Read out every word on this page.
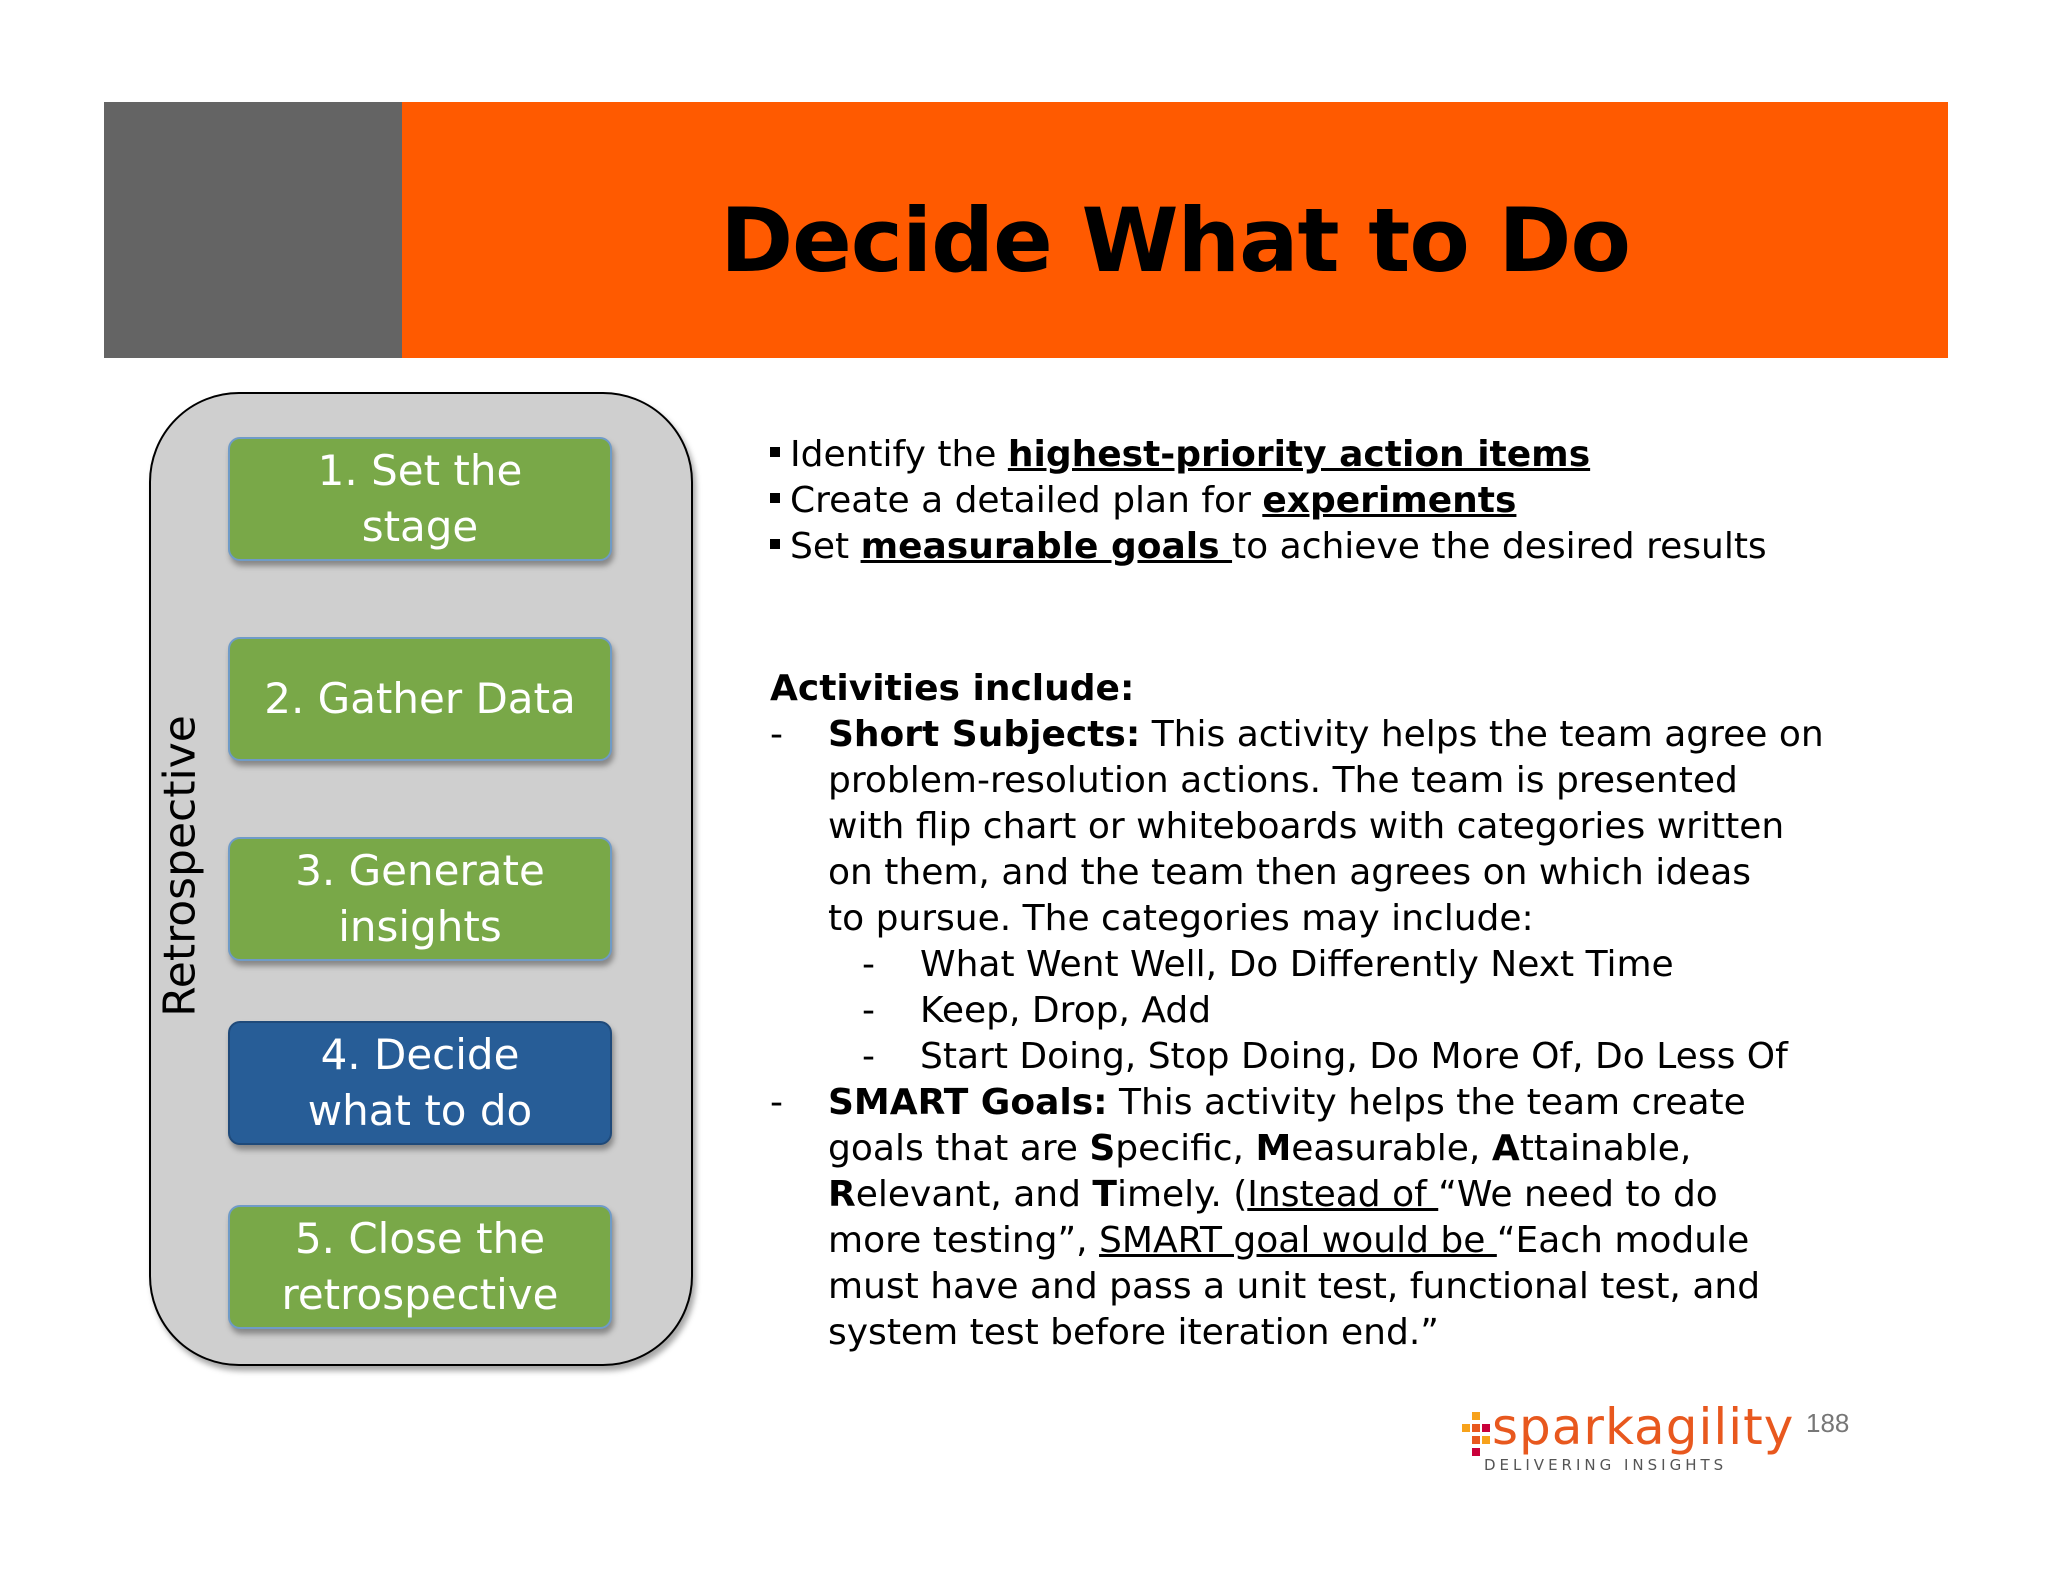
Decide What to Do
Retrospective
1. Set the
stage
2. Gather Data
3. Generate
insights
4. Decide
what to do
5. Close the
retrospective
Identify the highest-priority action items
Create a detailed plan for experiments
Set measurable goals to achieve the desired results
Activities include:
- Short Subjects: This activity helps the team agree on
problem-resolution actions. The team is presented
with flip chart or whiteboards with categories written
on them, and the team then agrees on which ideas
to pursue. The categories may include:
- What Went Well, Do Differently Next Time
- Keep, Drop, Add
- Start Doing, Stop Doing, Do More Of, Do Less Of
- SMART Goals: This activity helps the team create
goals that are Specific, Measurable, Attainable,
Relevant, and Timely. (Instead of “We need to do
more testing”, SMART goal would be “Each module
must have and pass a unit test, functional test, and
system test before iteration end.”
sparkagility
DELIVERING INSIGHTS
188
